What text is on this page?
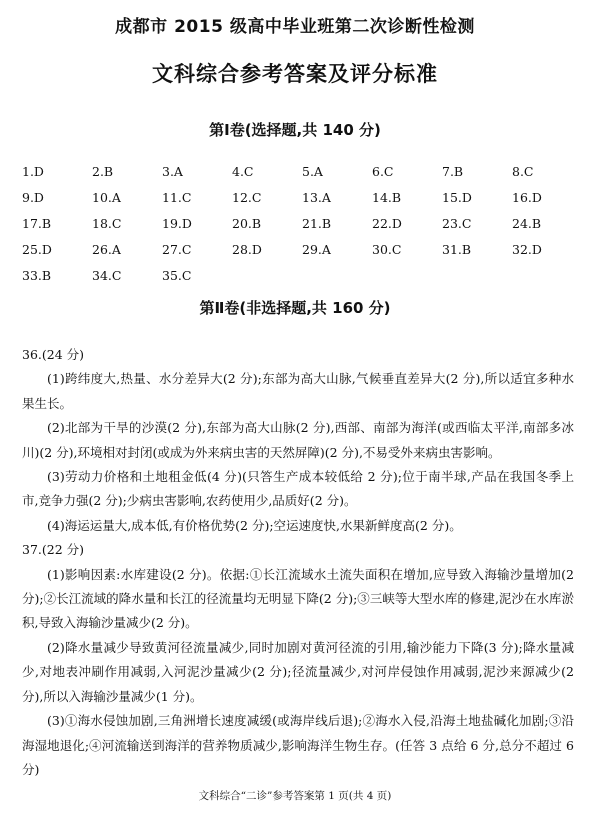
成都市 2015 级高中毕业班第二次诊断性检测
文科综合参考答案及评分标准
第Ⅰ卷(选择题,共 140 分)
1.D	2.B	3.A	4.C	5.A	6.C	7.B	8.C
9.D	10.A	11.C	12.C	13.A	14.B	15.D	16.D
17.B	18.C	19.D	20.B	21.B	22.D	23.C	24.B
25.D	26.A	27.C	28.D	29.A	30.C	31.B	32.D
33.B	34.C	35.C
第Ⅱ卷(非选择题,共 160 分)

36.(24 分)

(1)跨纬度大,热量、水分差异大(2 分);东部为高大山脉,气候垂直差异大(2 分),所以适宜多种水果生长。

(2)北部为干旱的沙漠(2 分),东部为高大山脉(2 分),西部、南部为海洋(或西临太平洋,南部多冰川)(2 分),环境相对封闭(或成为外来病虫害的天然屏障)(2 分),不易受外来病虫害影响。

(3)劳动力价格和土地租金低(4 分)(只答生产成本较低给 2 分);位于南半球,产品在我国冬季上市,竞争力强(2 分);少病虫害影响,农药使用少,品质好(2 分)。

(4)海运运量大,成本低,有价格优势(2 分);空运速度快,水果新鲜度高(2 分)。

37.(22 分)

(1)影响因素:水库建设(2 分)。依据:①长江流域水土流失面积在增加,应导致入海输沙量增加(2 分);②长江流域的降水量和长江的径流量均无明显下降(2 分);③三峡等大型水库的修建,泥沙在水库淤积,导致入海输沙量减少(2 分)。

(2)降水量减少导致黄河径流量减少,同时加剧对黄河径流的引用,输沙能力下降(3 分);降水量减少,对地表冲刷作用减弱,入河泥沙量减少(2 分);径流量减少,对河岸侵蚀作用减弱,泥沙来源减少(2 分),所以入海输沙量减少(1 分)。

(3)①海水侵蚀加剧,三角洲增长速度减缓(或海岸线后退);②海水入侵,沿海土地盐碱化加剧;③沿海湿地退化;④河流输送到海洋的营养物质减少,影响海洋生物生存。(任答 3 点给 6 分,总分不超过 6 分)

文科综合“二诊”参考答案第 1 页(共 4 页)
